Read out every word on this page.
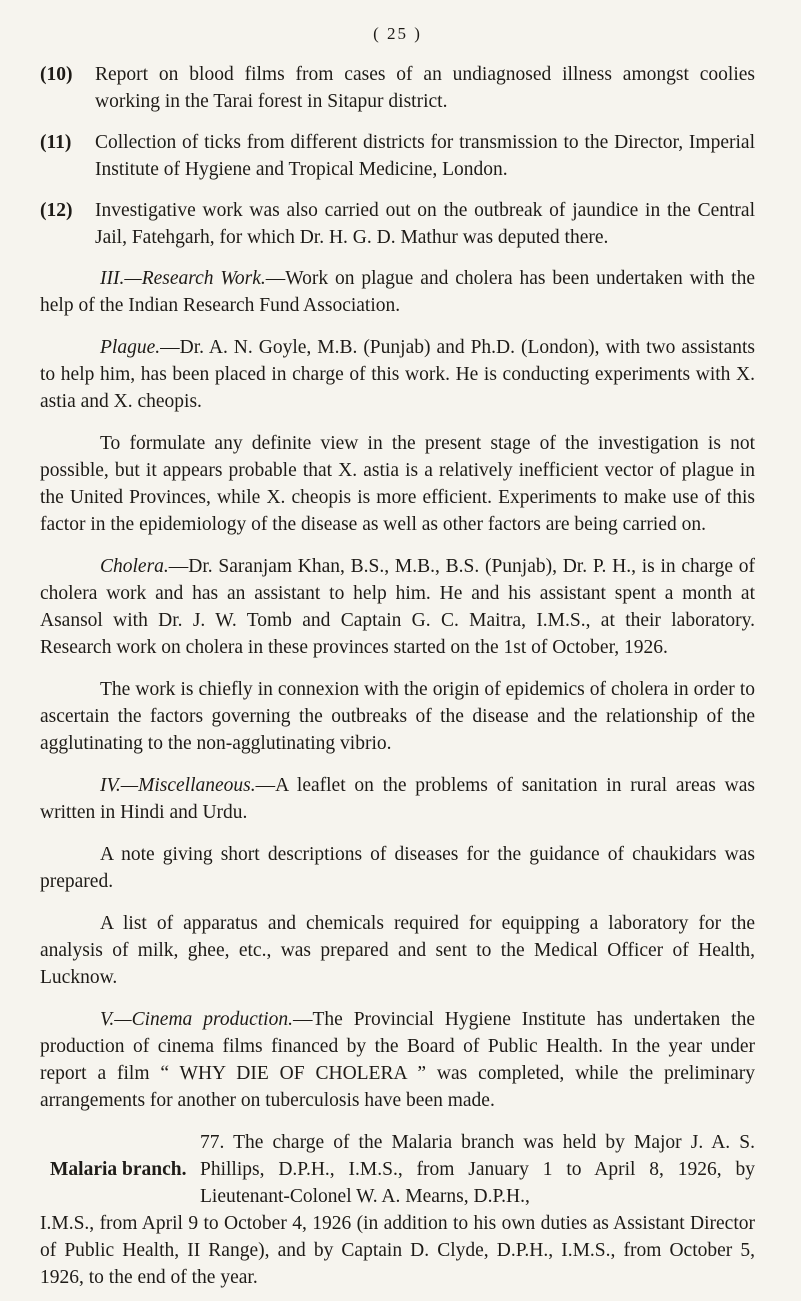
( 25 )
(10)	Report on blood films from cases of an undiagnosed illness amongst coolies working in the Tarai forest in Sitapur district.
(11)	Collection of ticks from different districts for transmission to the Director, Imperial Institute of Hygiene and Tropical Medicine, London.
(12)	Investigative work was also carried out on the outbreak of jaundice in the Central Jail, Fatehgarh, for which Dr. H. G. D. Mathur was deputed there.

III.—Research Work.—Work on plague and cholera has been undertaken with the help of the Indian Research Fund Association.

Plague.—Dr. A. N. Goyle, M.B. (Punjab) and Ph.D. (London), with two assistants to help him, has been placed in charge of this work. He is conducting experiments with X. astia and X. cheopis.

To formulate any definite view in the present stage of the investigation is not possible, but it appears probable that X. astia is a relatively inefficient vector of plague in the United Provinces, while X. cheopis is more efficient. Experiments to make use of this factor in the epidemiology of the disease as well as other factors are being carried on.

Cholera.—Dr. Saranjam Khan, B.S., M.B., B.S. (Punjab), Dr. P. H., is in charge of cholera work and has an assistant to help him. He and his assistant spent a month at Asansol with Dr. J. W. Tomb and Captain G. C. Maitra, I.M.S., at their laboratory. Research work on cholera in these provinces started on the 1st of October, 1926.

The work is chiefly in connexion with the origin of epidemics of cholera in order to ascertain the factors governing the outbreaks of the disease and the relationship of the agglutinating to the non-agglutinating vibrio.

IV.—Miscellaneous.—A leaflet on the problems of sanitation in rural areas was written in Hindi and Urdu.

A note giving short descriptions of diseases for the guidance of chaukidars was prepared.

A list of apparatus and chemicals required for equipping a laboratory for the analysis of milk, ghee, etc., was prepared and sent to the Medical Officer of Health, Lucknow.

V.—Cinema production.—The Provincial Hygiene Institute has undertaken the production of cinema films financed by the Board of Public Health. In the year under report a film “ WHY DIE OF CHOLERA ” was completed, while the preliminary arrangements for another on tuberculosis have been made.

Malaria branch.
77. The charge of the Malaria branch was held by Major J. A. S. Phillips, D.P.H., I.M.S., from January 1 to April 8, 1926, by Lieutenant-Colonel W. A. Mearns, D.P.H.,
I.M.S., from April 9 to October 4, 1926 (in addition to his own duties as Assistant Director of Public Health, II Range), and by Captain D. Clyde, D.P.H., I.M.S., from October 5, 1926, to the end of the year.
